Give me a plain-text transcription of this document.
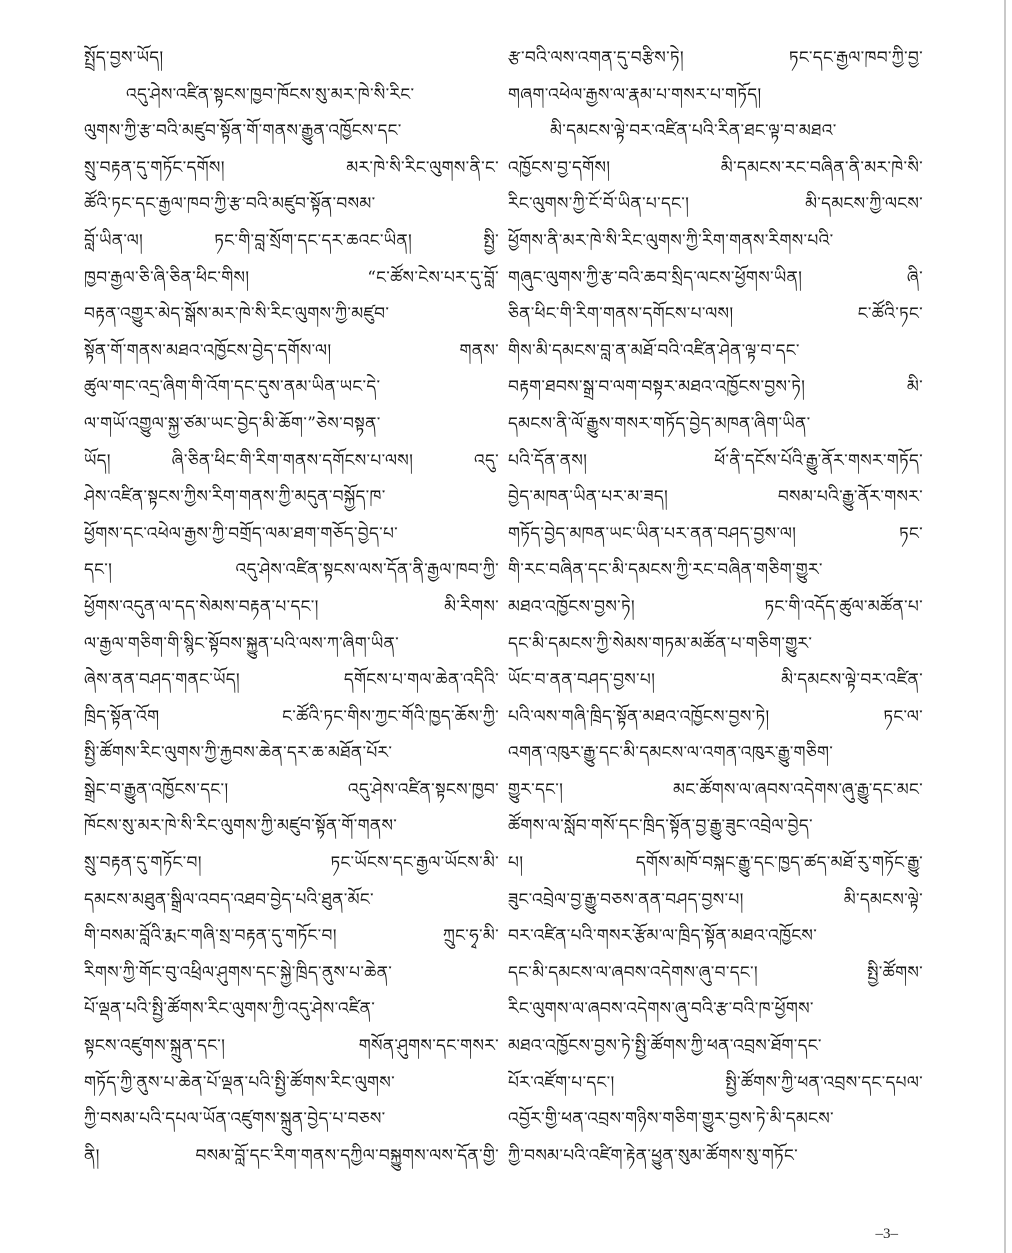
སྤྲོད་བྱས་ཡོད།
འདུ་ཤེས་འཛིན་སྟངས་ཁྱབ་ཁོངས་སུ་མར་ཁེ་སི་རིང་
ལུགས་ཀྱི་རྩ་བའི་མཛུབ་སྟོན་གོ་གནས་རྒྱུན་འཁྱོངས་དང་
སྲུ་བརྟན་དུ་གཏོང་དགོས། མར་ཁེ་སི་རིང་ལུགས་ནི་ང་
ཚོའི་ཏང་དང་རྒྱལ་ཁབ་ཀྱི་རྩ་བའི་མཛུབ་སྟོན་བསམ་
བློ་ཡིན་ལ། ཏང་གི་བླ་སྲོག་དང་དར་ཆའང་ཡིན། སྤྱི་
ཁྱབ་རྒྱལ་ཅི་ཞི་ཅིན་ཕིང་གིས། “ང་ཚོས་ངེས་པར་དུ་བློ་
བརྟན་འགྱུར་མེད་སྒོས་མར་ཁེ་སི་རིང་ལུགས་ཀྱི་མཛུབ་
སྟོན་གོ་གནས་མཐའ་འཁྱོངས་བྱེད་དགོས་ལ། གནས་
ཚུལ་གང་འདྲ་ཞིག་གི་འོག་དང་དུས་ནམ་ཡིན་ཡང་དེ་
ལ་གཡོ་འགྱུལ་སྐྱ་ཙམ་ཡང་བྱེད་མི་ཆོག་”ཅེས་བསྟན་
ཡོད། ཞི་ཅིན་ཕིང་གི་རིག་གནས་དགོངས་པ་ལས། འདུ་
ཤེས་འཛིན་སྟངས་ཀྱིས་རིག་གནས་ཀྱི་མདུན་བསྐྱོད་ཁ་
ཕྱོགས་དང་འཕེལ་རྒྱས་ཀྱི་བགྲོད་ལམ་ཐག་གཅོད་བྱེད་པ་
དང་། འདུ་ཤེས་འཛིན་སྟངས་ལས་དོན་ནི་རྒྱལ་ཁབ་ཀྱི་
ཕྱོགས་འདུན་ལ་དད་སེམས་བརྟན་པ་དང་། མི་རིགས་
ལ་རྒྱལ་གཅིག་གི་སྙིང་སྟོབས་སྐྱུན་པའི་ལས་ཀ་ཞིག་ཡིན་
ཞེས་ནན་བཤད་གནང་ཡོད། དགོངས་པ་གལ་ཆེན་འདིའི་
ཁྲིད་སྟོན་འོག ང་ཚོའི་ཏང་གིས་ཀྱང་གོའི་ཁྱད་ཆོས་ཀྱི་
སྤྱི་ཚོགས་རིང་ལུགས་ཀྱི་རྐྱབས་ཆེན་དར་ཆ་མཐོན་པོར་
སྒྲེང་བ་རྒྱུན་འཁྱོངས་དང་། འདུ་ཤེས་འཛིན་སྟངས་ཁྱབ་
ཁོངས་སུ་མར་ཁེ་སི་རིང་ལུགས་ཀྱི་མཛུབ་སྟོན་གོ་གནས་
སྲུ་བརྟན་དུ་གཏོང་བ། ཏང་ཡོངས་དང་རྒྱལ་ཡོངས་མི་
དམངས་མཐུན་སྒྲིལ་འབད་འཐབ་བྱེད་པའི་ཐུན་མོང་
གི་བསམ་བློའི་རྨང་གཞི་སྲ་བརྟན་དུ་གཏོང་བ། ཀྲུང་ཧྭ་མི་
རིགས་ཀྱི་གོང་བུ་འཕྲིལ་ཤུགས་དང་སྐྱེ་ཁྲིད་ནུས་པ་ཆེན་
པོ་ལྡན་པའི་སྤྱི་ཚོགས་རིང་ལུགས་ཀྱི་འདུ་ཤེས་འཛིན་
སྟངས་འཛུགས་སྐྲུན་དང་། གསོན་ཤུགས་དང་གསར་
གཏོད་ཀྱི་ནུས་པ་ཆེན་པོ་ལྡན་པའི་སྤྱི་ཚོགས་རིང་ལུགས་
ཀྱི་བསམ་པའི་དཔལ་ཡོན་འཛུགས་སྐྲུན་བྱེད་པ་བཅས་
ནི། བསམ་བློ་དང་རིག་གནས་དཀྱིལ་བསྐྱུགས་ལས་དོན་གྱི་
རྩ་བའི་ལས་འགན་དུ་བརྩིས་ཏེ། ཏང་དང་རྒྱལ་ཁབ་ཀྱི་བྱ་
གཞག་འཕེལ་རྒྱས་ལ་རྣམ་པ་གསར་པ་གཏོད།
མི་དམངས་ལྟེ་བར་འཛིན་པའི་རིན་ཐང་ལྟ་བ་མཐའ་
འཁྱོངས་བྱ་དགོས། མི་དམངས་རང་བཞིན་ནི་མར་ཁེ་སི་
རིང་ལུགས་ཀྱི་ངོ་བོ་ཡིན་པ་དང་། མི་དམངས་ཀྱི་ལངས་
ཕྱོགས་ནི་མར་ཁེ་སི་རིང་ལུགས་ཀྱི་རིག་གནས་རིགས་པའི་
གཞུང་ལུགས་ཀྱི་རྩ་བའི་ཆབ་སྲིད་ལངས་ཕྱོགས་ཡིན། ཞི་
ཅིན་ཕིང་གི་རིག་གནས་དགོངས་པ་ལས། ང་ཚོའི་ཏང་
གིས་མི་དམངས་བླ་ན་མཐོ་བའི་འཛིན་ཤེན་ལྟ་བ་དང་
བརྟག་ཐབས་སྒྲ་བ་ལག་བསྟར་མཐའ་འཁྱོངས་བྱས་ཏེ། མི་
དམངས་ནི་ལོ་རྒྱུས་གསར་གཏོད་བྱེད་མཁན་ཞིག་ཡིན་
པའི་དོན་ནས། ཕོ་ནི་དངོས་པོའི་རྒྱུ་ནོར་གསར་གཏོད་
བྱེད་མཁན་ཡིན་པར་མ་ཟད། བསམ་པའི་རྒྱུ་ནོར་གསར་
གཏོད་བྱེད་མཁན་ཡང་ཡིན་པར་ནན་བཤད་བྱས་ལ། ཏང་
གི་རང་བཞིན་དང་མི་དམངས་ཀྱི་རང་བཞིན་གཅིག་གྱུར་
མཐའ་འཁྱོངས་བྱས་ཏེ། ཏང་གི་འདོད་ཚུལ་མཚོན་པ་
དང་མི་དམངས་ཀྱི་སེམས་གཏམ་མཚོན་པ་གཅིག་གྱུར་
ཡོང་བ་ནན་བཤད་བྱས་པ། མི་དམངས་ལྟེ་བར་འཛིན་
པའི་ལས་གཞི་ཁྲིད་སྟོན་མཐའ་འཁྱོངས་བྱས་ཏེ། ཏང་ལ་
འགན་འཁུར་རྒྱུ་དང་མི་དམངས་ལ་འགན་འཁུར་རྒྱུ་གཅིག་
གྱུར་དང་། མང་ཚོགས་ལ་ཞབས་འདེགས་ཞུ་རྒྱུ་དང་མང་
ཚོགས་ལ་སློབ་གསོ་དང་ཁྲིད་སྟོན་བྱ་རྒྱུ་ཟུང་འབྲེལ་བྱེད་
པ། དགོས་མཁོ་བསྐང་རྒྱུ་དང་ཁྱད་ཚད་མཐོ་རུ་གཏོང་རྒྱུ་
ཟུང་འབྲེལ་བྱ་རྒྱུ་བཅས་ནན་བཤད་བྱས་པ། མི་དམངས་ལྟེ་
བར་འཛིན་པའི་གསར་རྩོམ་ལ་ཁྲིད་སྟོན་མཐའ་འཁྱོངས་
དང་མི་དམངས་ལ་ཞབས་འདེགས་ཞུ་བ་དང་། སྤྱི་ཚོགས་
རིང་ལུགས་ལ་ཞབས་འདེགས་ཞུ་བའི་རྩ་བའི་ཁ་ཕྱོགས་
མཐའ་འཁྱོངས་བྱས་ཏེ་སྤྱི་ཚོགས་ཀྱི་ཕན་འབྲས་ཐོག་དང་
པོར་འཛོག་པ་དང་། སྤྱི་ཚོགས་ཀྱི་ཕན་འབྲས་དང་དཔལ་
འབྱོར་གྱི་ཕན་འབྲས་གཉིས་གཅིག་གྱུར་བྱས་ཏེ་མི་དམངས་
ཀྱི་བསམ་པའི་འཛིག་རྟེན་ཕྱུན་སུམ་ཚོགས་སུ་གཏོང་
–3–
